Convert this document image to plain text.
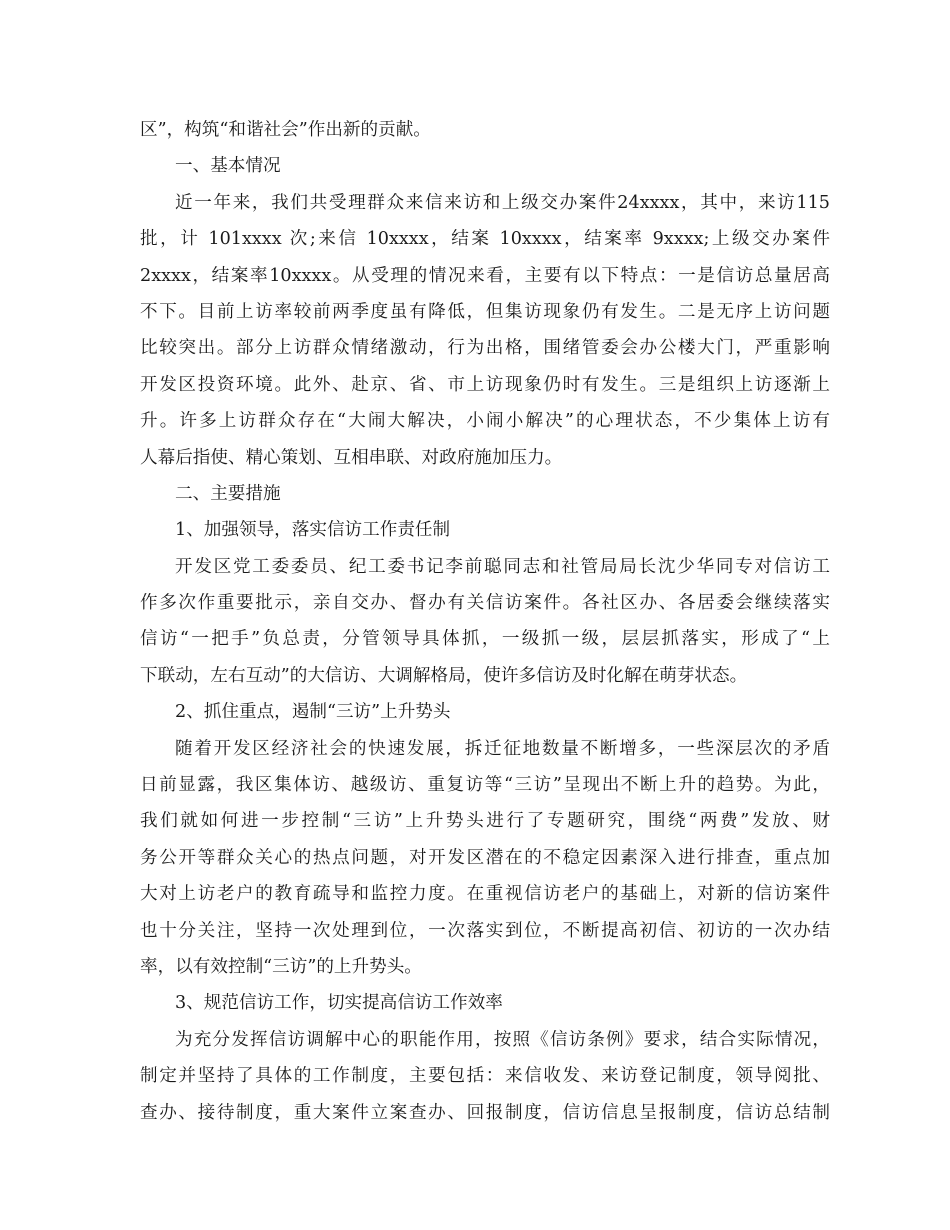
区”，构筑“和谐社会”作出新的贡献。
一、基本情况
近一年来，我们共受理群众来信来访和上级交办案件24xxxx，其中，来访115
批，计 101xxxx 次;来信 10xxxx，结案 10xxxx，结案率 9xxxx;上级交办案件
2xxxx，结案率10xxxx。从受理的情况来看，主要有以下特点：一是信访总量居高
不下。目前上访率较前两季度虽有降低，但集访现象仍有发生。二是无序上访问题
比较突出。部分上访群众情绪激动，行为出格，围绪管委会办公楼大门，严重影响
开发区投资环境。此外、赴京、省、市上访现象仍时有发生。三是组织上访逐渐上
升。许多上访群众存在“大闹大解决，小闹小解决”的心理状态，不少集体上访有
人幕后指使、精心策划、互相串联、对政府施加压力。
二、主要措施
1、加强领导，落实信访工作责任制
开发区党工委委员、纪工委书记李前聪同志和社管局局长沈少华同专对信访工
作多次作重要批示，亲自交办、督办有关信访案件。各社区办、各居委会继续落实
信访“一把手”负总责，分管领导具体抓，一级抓一级，层层抓落实，形成了“上
下联动，左右互动”的大信访、大调解格局，使许多信访及时化解在萌芽状态。
2、抓住重点，遏制“三访”上升势头
随着开发区经济社会的快速发展，拆迁征地数量不断增多，一些深层次的矛盾
日前显露，我区集体访、越级访、重复访等“三访”呈现出不断上升的趋势。为此，
我们就如何进一步控制“三访”上升势头进行了专题研究，围绕“两费”发放、财
务公开等群众关心的热点问题，对开发区潜在的不稳定因素深入进行排查，重点加
大对上访老户的教育疏导和监控力度。在重视信访老户的基础上，对新的信访案件
也十分关注，坚持一次处理到位，一次落实到位，不断提高初信、初访的一次办结
率，以有效控制“三访”的上升势头。
3、规范信访工作，切实提高信访工作效率
为充分发挥信访调解中心的职能作用，按照《信访条例》要求，结合实际情况，
制定并坚持了具体的工作制度，主要包括：来信收发、来访登记制度，领导阅批、
查办、接待制度，重大案件立案查办、回报制度，信访信息呈报制度，信访总结制
